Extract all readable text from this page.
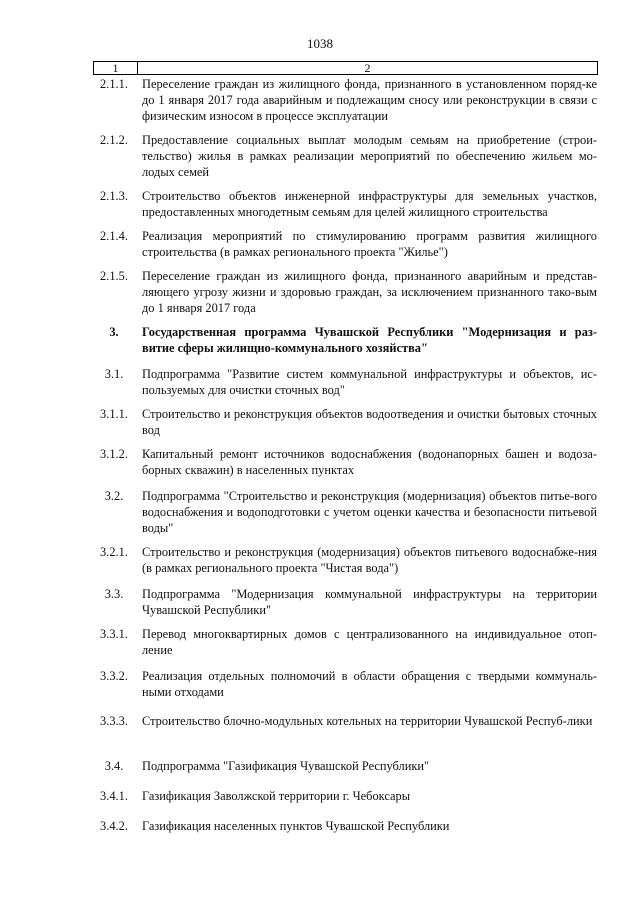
1038
1	2
2.1.1.	Переселение граждан из жилищного фонда, признанного в установленном поряд-ке до 1 января 2017 года аварийным и подлежащим сносу или реконструкции в связи с физическим износом в процессе эксплуатации
2.1.2.	Предоставление социальных выплат молодым семьям на приобретение (строи-тельство) жилья в рамках реализации мероприятий по обеспечению жильем мо-лодых семей
2.1.3.	Строительство объектов инженерной инфраструктуры для земельных участков, предоставленных многодетным семьям для целей жилищного строительства
2.1.4.	Реализация мероприятий по стимулированию программ развития жилищного строительства (в рамках регионального проекта "Жилье")
2.1.5.	Переселение граждан из жилищного фонда, признанного аварийным и представ-ляющего угрозу жизни и здоровью граждан, за исключением признанного тако-вым до 1 января 2017 года
3.	Государственная программа Чувашской Республики "Модернизация и раз-витие сферы жилищно-коммунального хозяйства"
3.1.	Подпрограмма "Развитие систем коммунальной инфраструктуры и объектов, ис-пользуемых для очистки сточных вод"
3.1.1.	Строительство и реконструкция объектов водоотведения и очистки бытовых сточных вод
3.1.2.	Капитальный ремонт источников водоснабжения (водонапорных башен и водоза-борных скважин) в населенных пунктах
3.2.	Подпрограмма "Строительство и реконструкция (модернизация) объектов питье-вого водоснабжения и водоподготовки с учетом оценки качества и безопасности питьевой воды"
3.2.1.	Строительство и реконструкция (модернизация) объектов питьевого водоснабже-ния (в рамках регионального проекта "Чистая вода")
3.3.	Подпрограмма "Модернизация коммунальной инфраструктуры на территории Чувашской Республики"
3.3.1.	Перевод многоквартирных домов с централизованного на индивидуальное отоп-ление
3.3.2.	Реализация отдельных полномочий в области обращения с твердыми коммуналь-ными отходами
3.3.3.	Строительство блочно-модульных котельных на территории Чувашской Респуб-лики
3.4.	Подпрограмма "Газификация Чувашской Республики"
3.4.1.	Газификация Заволжской территории г. Чебоксары
3.4.2.	Газификация населенных пунктов Чувашской Республики
